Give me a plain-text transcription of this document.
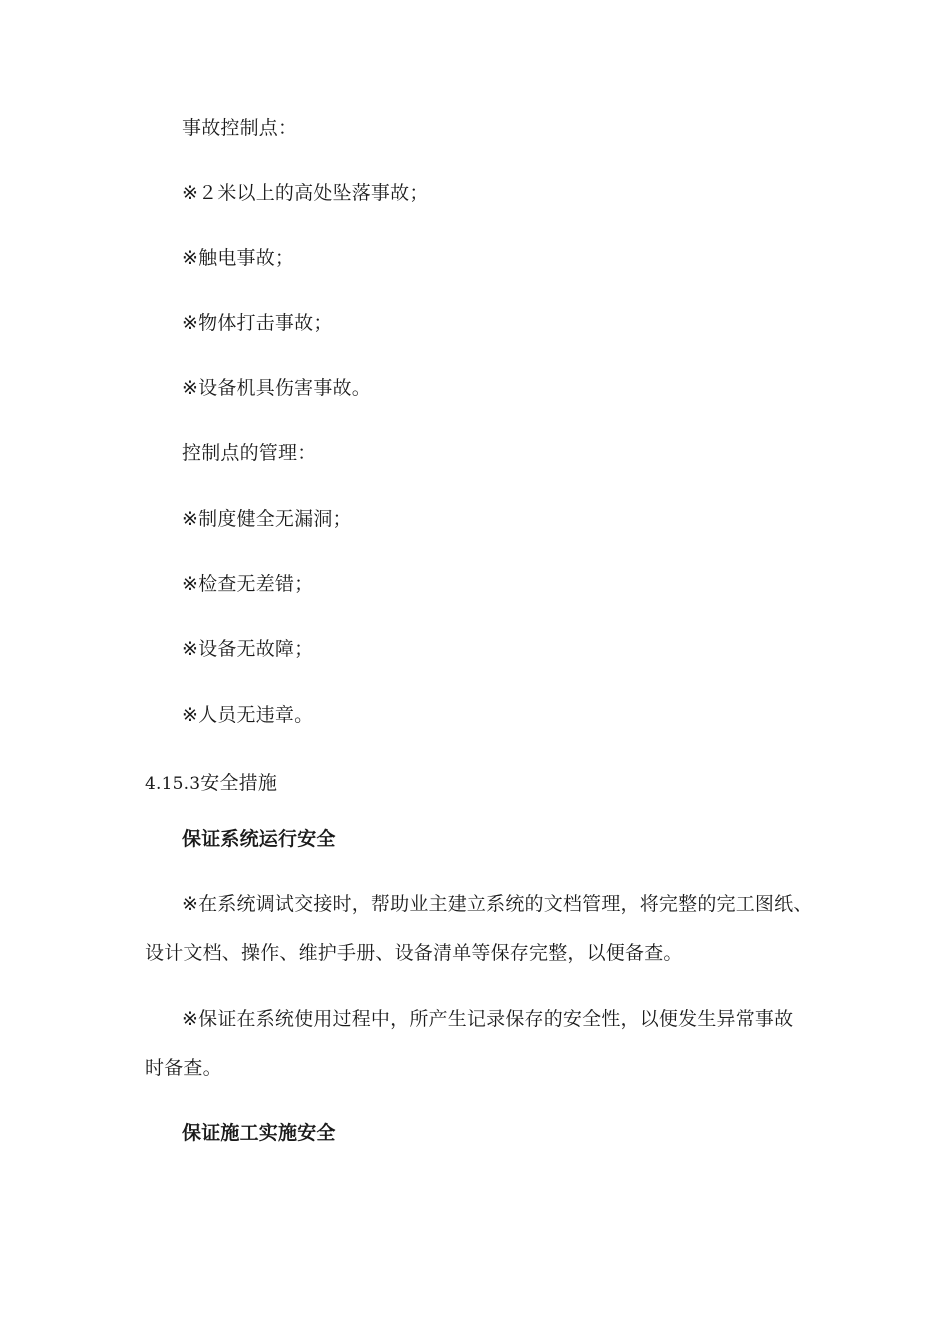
事故控制点：
※２米以上的高处坠落事故；
※触电事故；
※物体打击事故；
※设备机具伤害事故。
控制点的管理：
※制度健全无漏洞；
※检查无差错；
※设备无故障；
※人员无违章。
4.15.3安全措施
保证系统运行安全
※在系统调试交接时，帮助业主建立系统的文档管理，将完整的完工图纸、
设计文档、操作、维护手册、设备清单等保存完整，以便备查。
※保证在系统使用过程中，所产生记录保存的安全性，以便发生异常事故
时备查。
保证施工实施安全
